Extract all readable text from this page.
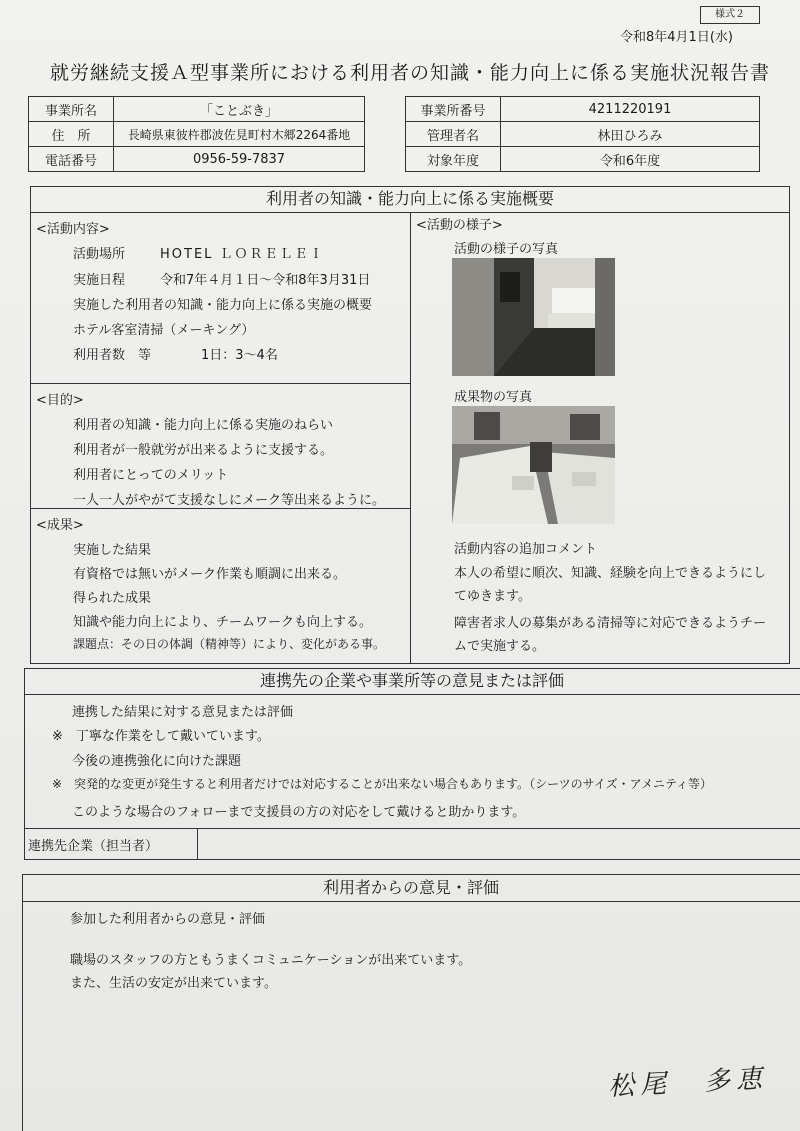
様式２
令和8年4月1日(水)
就労継続支援Ａ型事業所における利用者の知識・能力向上に係る実施状況報告書
事業所名	「ことぶき」
住　所	長崎県東彼杵郡波佐見町村木郷2264番地
電話番号	0956-59-7837
事業所番号	4211220191
管理者名	林田ひろみ
対象年度	令和6年度
利用者の知識・能力向上に係る実施概要
<活動内容>
活動場所	HOTEL ＬＯＲＥＬＥＩ
実施日程	令和7年４月１日～令和8年3月31日
実施した利用者の知識・能力向上に係る実施の概要
ホテル客室清掃（メーキング）
利用者数　等	1日：3～4名
<目的>
利用者の知識・能力向上に係る実施のねらい
利用者が一般就労が出来るように支援する。
利用者にとってのメリット
一人一人がやがて支援なしにメーク等出来るように。
<成果>
実施した結果
有資格では無いがメーク作業も順調に出来る。
得られた成果
知識や能力向上により、チームワークも向上する。
課題点：その日の体調（精神等）により、変化がある事。
<活動の様子>
活動の様子の写真
成果物の写真
活動内容の追加コメント
本人の希望に順次、知識、経験を向上できるようにし
てゆきます。
障害者求人の募集がある清掃等に対応できるようチー
ムで実施する。
連携先の企業や事業所等の意見または評価
連携した結果に対する意見または評価
※　丁寧な作業をして戴いています。
今後の連携強化に向けた課題
※　突発的な変更が発生すると利用者だけでは対応することが出来ない場合もあります。（シーツのサイズ・アメニティ等）
このような場合のフォローまで支援員の方の対応をして戴けると助かります。
連携先企業（担当者）
利用者からの意見・評価
参加した利用者からの意見・評価
職場のスタッフの方ともうまくコミュニケーションが出来ています。
また、生活の安定が出来ています。
松尾　多恵
